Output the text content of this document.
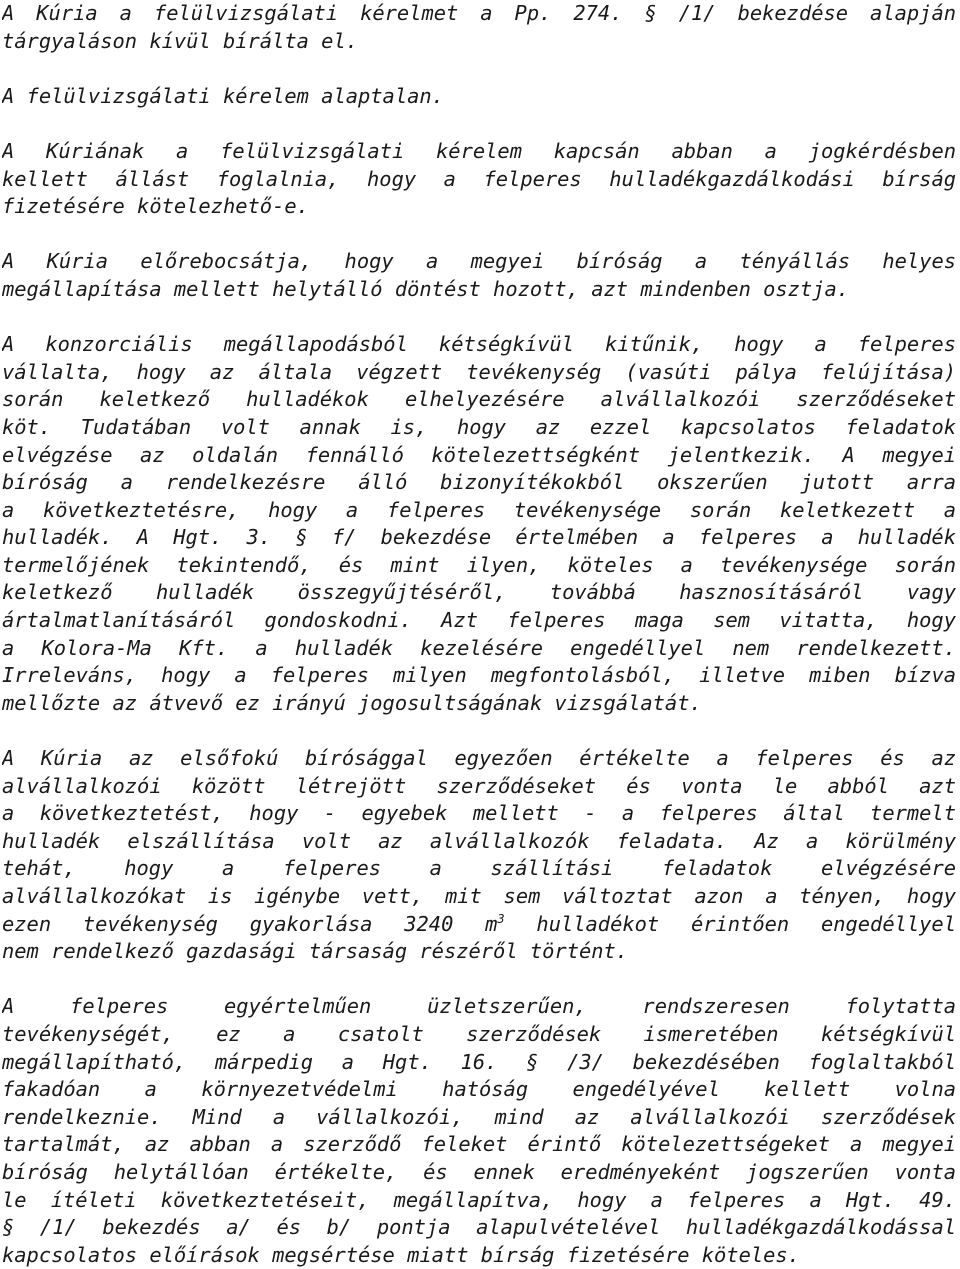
A Kúria a felülvizsgálati kérelmet a Pp. 274. § /1/ bekezdése alapján
tárgyaláson kívül bírálta el.
A felülvizsgálati kérelem alaptalan.
A Kúriának a felülvizsgálati kérelem kapcsán abban a jogkérdésben
kellett állást foglalnia, hogy a felperes hulladékgazdálkodási bírság
fizetésére kötelezhető-e.
A Kúria előrebocsátja, hogy a megyei bíróság a tényállás helyes
megállapítása mellett helytálló döntést hozott, azt mindenben osztja.
A konzorciális megállapodásból kétségkívül kitűnik, hogy a felperes
vállalta, hogy az általa végzett tevékenység (vasúti pálya felújítása)
során keletkező hulladékok elhelyezésére alvállalkozói szerződéseket
köt. Tudatában volt annak is, hogy az ezzel kapcsolatos feladatok
elvégzése az oldalán fennálló kötelezettségként jelentkezik. A megyei
bíróság a rendelkezésre álló bizonyítékokból okszerűen jutott arra
a következtetésre, hogy a felperes tevékenysége során keletkezett a
hulladék. A Hgt. 3. § f/ bekezdése értelmében a felperes a hulladék
termelőjének tekintendő, és mint ilyen, köteles a tevékenysége során
keletkező hulladék összegyűjtéséről, továbbá hasznosításáról vagy
ártalmatlanításáról gondoskodni. Azt felperes maga sem vitatta, hogy
a Kolora-Ma Kft. a hulladék kezelésére engedéllyel nem rendelkezett.
Irreleváns, hogy a felperes milyen megfontolásból, illetve miben bízva
mellőzte az átvevő ez irányú jogosultságának vizsgálatát.
A Kúria az elsőfokú bírósággal egyezően értékelte a felperes és az
alvállalkozói között létrejött szerződéseket és vonta le abból azt
a következtetést, hogy - egyebek mellett - a felperes által termelt
hulladék elszállítása volt az alvállalkozók feladata. Az a körülmény
tehát, hogy a felperes a szállítási feladatok elvégzésére
alvállalkozókat is igénybe vett, mit sem változtat azon a tényen, hogy
ezen tevékenység gyakorlása 3240 $m^3$ hulladékot érintően engedéllyel
nem rendelkező gazdasági társaság részéről történt.
A felperes egyértelműen üzletszerűen, rendszeresen folytatta
tevékenységét, ez a csatolt szerződések ismeretében kétségkívül
megállapítható, márpedig a Hgt. 16. § /3/ bekezdésében foglaltakból
fakadóan a környezetvédelmi hatóság engedélyével kellett volna
rendelkeznie. Mind a vállalkozói, mind az alvállalkozói szerződések
tartalmát, az abban a szerződő feleket érintő kötelezettségeket a megyei
bíróság helytállóan értékelte, és ennek eredményeként jogszerűen vonta
le ítéleti következtetéseit, megállapítva, hogy a felperes a Hgt. 49.
§ /1/ bekezdés a/ és b/ pontja alapulvételével hulladékgazdálkodással
kapcsolatos előírások megsértése miatt bírság fizetésére köteles.
